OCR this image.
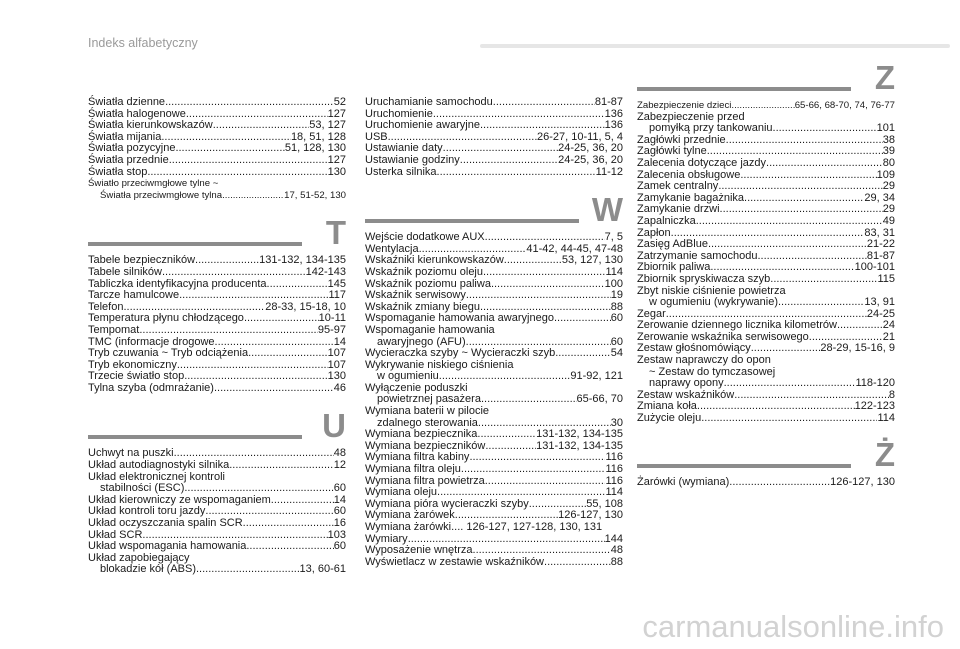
Indeks alfabetyczny
Światła dzienne .....	52
Światła halogenowe .....	127
Światła kierunkowskazów .....	53, 127
Światła mijania .....	18, 51, 128
Światła pozycyjne .....	51, 128, 130
Światła przednie .....	127
Światła stop .....	130
Światło przeciwmgłowe tylne ~
Światła przeciwmgłowe tylna .....	17, 51-52, 130
T
Tabele bezpieczników .....	131-132, 134-135
Tabele silników .....	142-143
Tabliczka identyfikacyjna producenta .....	145
Tarcze hamulcowe .....	117
Telefon .....	28-33, 15-18, 10
Temperatura płynu chłodzącego .....	10-11
Tempomat .....	95-97
TMC (informacje drogowe .....	14
Tryb czuwania ~ Tryb odciążenia .....	107
Tryb ekonomiczny .....	107
Trzecie światło stop .....	130
Tylna szyba (odmrażanie) .....	46
U
Uchwyt na puszki .....	48
Układ autodiagnostyki silnika .....	12
Układ elektronicznej kontroli
stabilności (ESC) .....	60
Układ kierowniczy ze wspomaganiem .....	14
Układ kontroli toru jazdy .....	60
Układ oczyszczania spalin SCR .....	16
Układ SCR .....	103
Układ wspomagania hamowania .....	60
Układ zapobiegający
blokadzie kół (ABS) .....	13, 60-61
Uruchamianie samochodu .....	81-87
Uruchomienie .....	136
Uruchomienie awaryjne .....	136
USB .....	26-27, 10-11, 5, 4
Ustawianie daty .....	24-25, 36, 20
Ustawianie godziny .....	24-25, 36, 20
Usterka silnika .....	11-12
W
Wejście dodatkowe AUX .....	7, 5
Wentylacja .....	41-42, 44-45, 47-48
Wskaźniki kierunkowskazów .....	53, 127, 130
Wskaźnik poziomu oleju .....	114
Wskaźnik poziomu paliwa .....	100
Wskaźnik serwisowy .....	19
Wskaźnik zmiany biegu .....	88
Wspomaganie hamowania awaryjnego .....	60
Wspomaganie hamowania
awaryjnego (AFU) .....	60
Wycieraczka szyby ~ Wycieraczki szyb .....	54
Wykrywanie niskiego ciśnienia
w ogumieniu .....	91-92, 121
Wyłączenie poduszki
powietrznej pasażera .....	65-66, 70
Wymiana baterii w pilocie
zdalnego sterowania .....	30
Wymiana bezpiecznika .....	131-132, 134-135
Wymiana bezpieczników .....	131-132, 134-135
Wymiana filtra kabiny .....	116
Wymiana filtra oleju .....	116
Wymiana filtra powietrza .....	116
Wymiana oleju .....	114
Wymiana pióra wycieraczki szyby .....	55, 108
Wymiana żarówek .....	126-127, 130
Wymiana żarówki.... 126-127, 127-128, 130, 131
Wymiary .....	144
Wyposażenie wnętrza .....	48
Wyświetlacz w zestawie wskaźników .....	88
Z
Zabezpieczenie dzieci .....	65-66, 68-70, 74, 76-77
Zabezpieczenie przed
pomyłką przy tankowaniu .....	101
Zagłówki przednie .....	38
Zagłówki tylne .....	39
Zalecenia dotyczące jazdy .....	80
Zalecenia obsługowe .....	109
Zamek centralny .....	29
Zamykanie bagażnika .....	29, 34
Zamykanie drzwi .....	29
Zapalniczka .....	49
Zapłon .....	83, 31
Zasięg AdBlue .....	21-22
Zatrzymanie samochodu .....	81-87
Zbiornik paliwa .....	100-101
Zbiornik spryskiwacza szyb .....	115
Zbyt niskie ciśnienie powietrza
w ogumieniu (wykrywanie) .....	13, 91
Zegar .....	24-25
Zerowanie dziennego licznika kilometrów .....	24
Zerowanie wskaźnika serwisowego .....	21
Zestaw głośnomówiący .....	28-29, 15-16, 9
Zestaw naprawczy do opon
~ Zestaw do tymczasowej
naprawy opony .....	118-120
Zestaw wskaźników .....	8
Zmiana koła .....	122-123
Zużycie oleju .....	114
Ż
Żarówki (wymiana) .....	126-127, 130
carmanualsonline.info
